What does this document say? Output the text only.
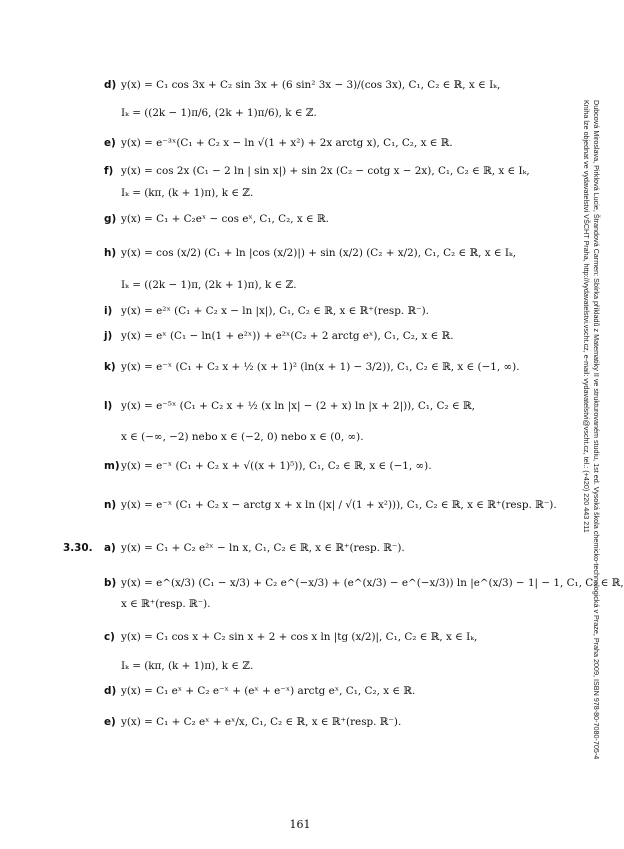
d) y(x) = C₁ cos 3x + C₂ sin 3x + (6 sin² 3x − 3)/(cos 3x), C₁, C₂ ∈ ℝ, x ∈ Iₖ,
Iₖ = ((2k − 1)π/6, (2k + 1)π/6), k ∈ ℤ.
e) y(x) = e⁻³ˣ(C₁ + C₂ x − ln √(1 + x²) + 2x arctg x), C₁, C₂, x ∈ ℝ.
f) y(x) = cos 2x (C₁ − 2 ln | sin x|) + sin 2x (C₂ − cotg x − 2x), C₁, C₂ ∈ ℝ, x ∈ Iₖ,
Iₖ = (kπ, (k + 1)π), k ∈ ℤ.
g) y(x) = C₁ + C₂eˣ − cos eˣ, C₁, C₂, x ∈ ℝ.
h) y(x) = cos (x/2) (C₁ + ln |cos (x/2)|) + sin (x/2) (C₂ + x/2), C₁, C₂ ∈ ℝ, x ∈ Iₖ,
Iₖ = ((2k − 1)π, (2k + 1)π), k ∈ ℤ.
i) y(x) = e²ˣ (C₁ + C₂ x − ln |x|), C₁, C₂ ∈ ℝ, x ∈ ℝ⁺(resp. ℝ⁻).
j) y(x) = eˣ (C₁ − ln(1 + e²ˣ)) + e²ˣ(C₂ + 2 arctg eˣ), C₁, C₂, x ∈ ℝ.
k) y(x) = e⁻ˣ (C₁ + C₂ x + ½ (x + 1)² (ln(x + 1) − 3/2)), C₁, C₂ ∈ ℝ, x ∈ (−1, ∞).
l) y(x) = e⁻⁵ˣ (C₁ + C₂ x + ½ (x ln |x| − (2 + x) ln |x + 2|)), C₁, C₂ ∈ ℝ,
x ∈ (−∞, −2) nebo x ∈ (−2, 0) nebo x ∈ (0, ∞).
m) y(x) = e⁻ˣ (C₁ + C₂ x + √((x + 1)⁵)), C₁, C₂ ∈ ℝ, x ∈ (−1, ∞).
n) y(x) = e⁻ˣ (C₁ + C₂ x − arctg x + x ln (|x| / √(1 + x²))), C₁, C₂ ∈ ℝ, x ∈ ℝ⁺(resp. ℝ⁻).
3.30. a) y(x) = C₁ + C₂ e²ˣ − ln x, C₁, C₂ ∈ ℝ, x ∈ ℝ⁺(resp. ℝ⁻).
b) y(x) = e^(x/3) (C₁ − x/3) + C₂ e^(−x/3) + (e^(x/3) − e^(−x/3)) ln |e^(x/3) − 1| − 1, C₁, C₂ ∈ ℝ,
x ∈ ℝ⁺(resp. ℝ⁻).
c) y(x) = C₁ cos x + C₂ sin x + 2 + cos x ln |tg (x/2)|, C₁, C₂ ∈ ℝ, x ∈ Iₖ,
Iₖ = (kπ, (k + 1)π), k ∈ ℤ.
d) y(x) = C₁ eˣ + C₂ e⁻ˣ + (eˣ + e⁻ˣ) arctg eˣ, C₁, C₂, x ∈ ℝ.
e) y(x) = C₁ + C₂ eˣ + eˣ/x, C₁, C₂ ∈ ℝ, x ∈ ℝ⁺(resp. ℝ⁻).
161
Dubcová Miroslava, Pirklová Lucie, Štrandová Carmen: Sbírka příkladů z Matematiky II ve strukturovaném studiu, 1st ed. Vysoká škola chemicko-technologická v Praze, Praha 2009, ISBN 978-80-7080-705-4
Kniha lze objednat ve vydavatelství VŠCHT Praha, http://vydavatelstvi.vscht.cz, e-mail: vydavatelstvi@vscht.cz, tel.: (+420) 220 443 211
